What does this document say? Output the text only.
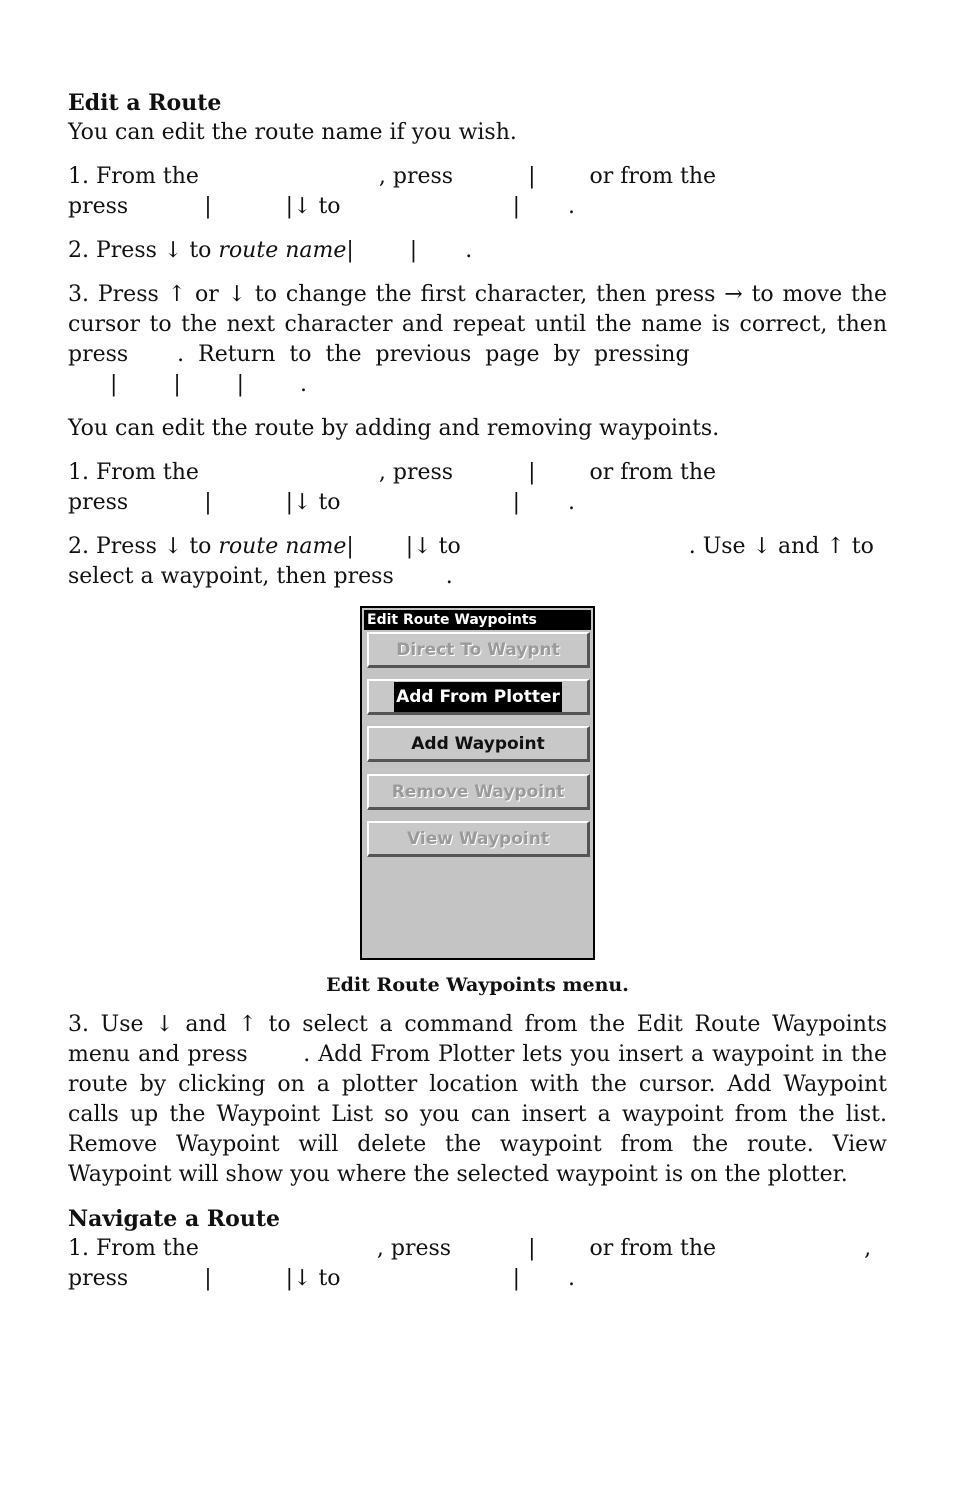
Edit a Route

You can edit the route name if you wish.

1. From the	, press	| or from the
press	|	|↓ to	| .
2. Press ↓ to
route name |	| .
3. Press ↑ or ↓ to change the first character, then press → to move the cursor to the next character and repeat until the name is correct, then press       .  Return  to  the  previous  page  by  pressing
|        |        |        .

You can edit the route by adding and removing waypoints.

1. From the	, press	| or from the
press	|	|↓ to	| .
2. Press ↓ to
route name | |↓ to	. Use ↓ and ↑ to
select a waypoint, then press .
Edit Route Waypoints
Direct To Waypnt
Add From Plotter
Add Waypoint
Remove Waypoint
View Waypoint
Edit Route Waypoints menu.
3. Use ↓ and ↑ to select a command from the Edit Route Waypoints menu and press       . Add From Plotter lets you insert a waypoint in the route by clicking on a plotter location with the cursor. Add Waypoint calls up the Waypoint List so you can insert a waypoint from the list. Remove Waypoint will delete the waypoint from the route. View Waypoint will show you where the selected waypoint is on the plotter.

Navigate a Route

1. From the	, press	| or from the	,
press	|	|↓ to	| .
